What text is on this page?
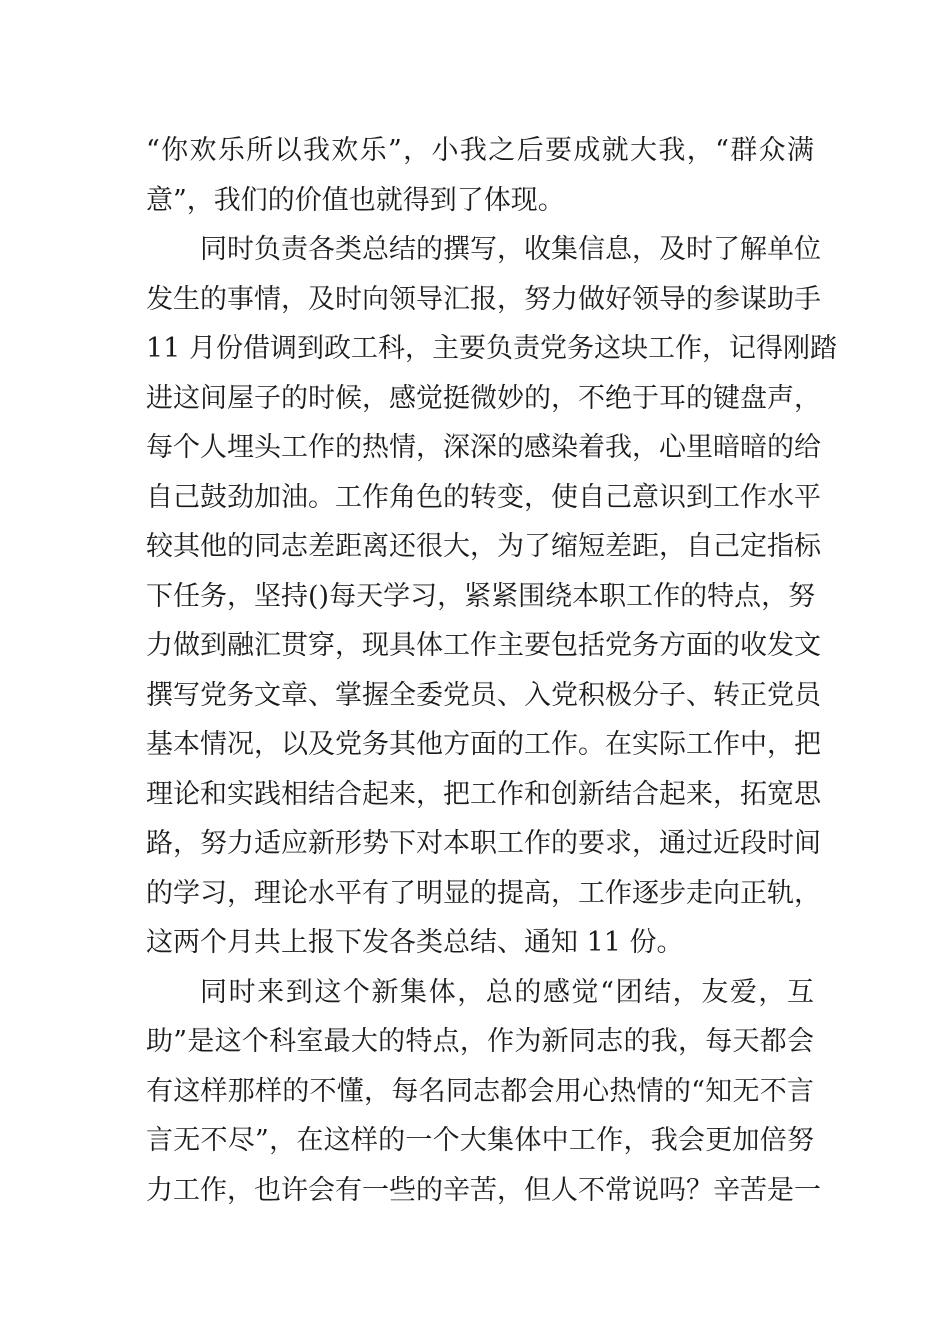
“你欢乐所以我欢乐”，小我之后要成就大我，“群众满
意”，我们的价值也就得到了体现。
同时负责各类总结的撰写，收集信息，及时了解单位
发生的事情，及时向领导汇报，努力做好领导的参谋助手
11 月份借调到政工科，主要负责党务这块工作，记得刚踏
进这间屋子的时候，感觉挺微妙的，不绝于耳的键盘声，
每个人埋头工作的热情，深深的感染着我，心里暗暗的给
自己鼓劲加油。工作角色的转变，使自己意识到工作水平
较其他的同志差距离还很大，为了缩短差距，自己定指标
下任务，坚持()每天学习，紧紧围绕本职工作的特点，努
力做到融汇贯穿，现具体工作主要包括党务方面的收发文
撰写党务文章、掌握全委党员、入党积极分子、转正党员
基本情况，以及党务其他方面的工作。在实际工作中，把
理论和实践相结合起来，把工作和创新结合起来，拓宽思
路，努力适应新形势下对本职工作的要求，通过近段时间
的学习，理论水平有了明显的提高，工作逐步走向正轨，
这两个月共上报下发各类总结、通知 11 份。
同时来到这个新集体，总的感觉“团结，友爱，互
助”是这个科室最大的特点，作为新同志的我，每天都会
有这样那样的不懂，每名同志都会用心热情的“知无不言
言无不尽”，在这样的一个大集体中工作，我会更加倍努
力工作，也许会有一些的辛苦，但人不常说吗？辛苦是一
